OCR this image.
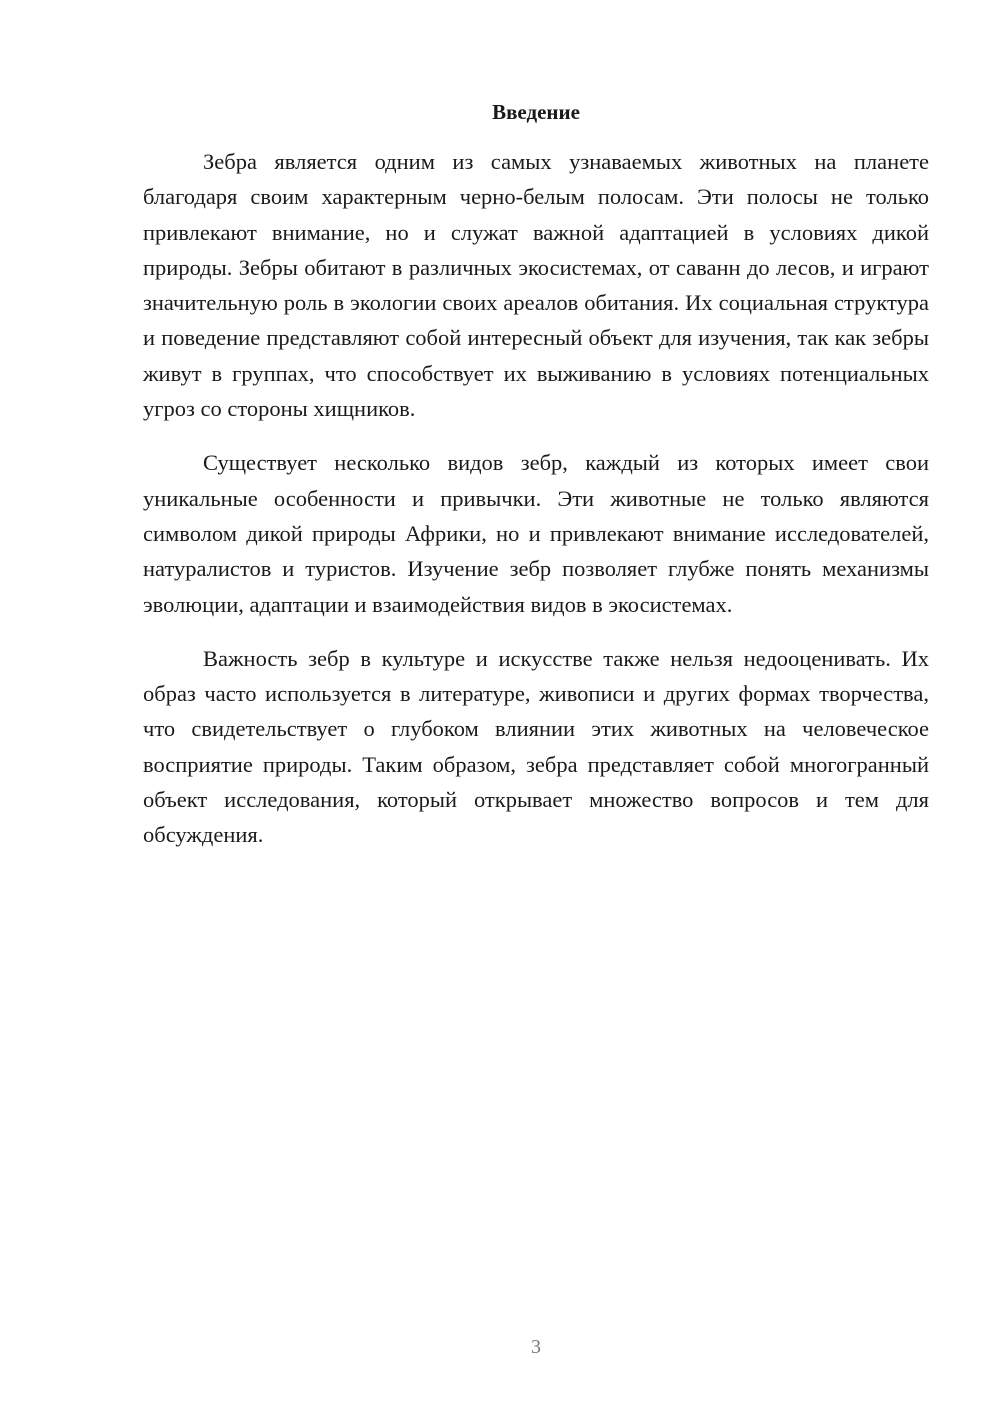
Введение

Зебра является одним из самых узнаваемых животных на планете благодаря своим характерным черно-белым полосам. Эти полосы не только привлекают внимание, но и служат важной адаптацией в условиях дикой природы. Зебры обитают в различных экосистемах, от саванн до лесов, и играют значительную роль в экологии своих ареалов обитания. Их социальная структура и поведение представляют собой интересный объект для изучения, так как зебры живут в группах, что способствует их выживанию в условиях потенциальных угроз со стороны хищников.

Существует несколько видов зебр, каждый из которых имеет свои уникальные особенности и привычки. Эти животные не только являются символом дикой природы Африки, но и привлекают внимание исследователей, натуралистов и туристов. Изучение зебр позволяет глубже понять механизмы эволюции, адаптации и взаимодействия видов в экосистемах.

Важность зебр в культуре и искусстве также нельзя недооценивать. Их образ часто используется в литературе, живописи и других формах творчества, что свидетельствует о глубоком влиянии этих животных на человеческое восприятие природы. Таким образом, зебра представляет собой многогранный объект исследования, который открывает множество вопросов и тем для обсуждения.

3
